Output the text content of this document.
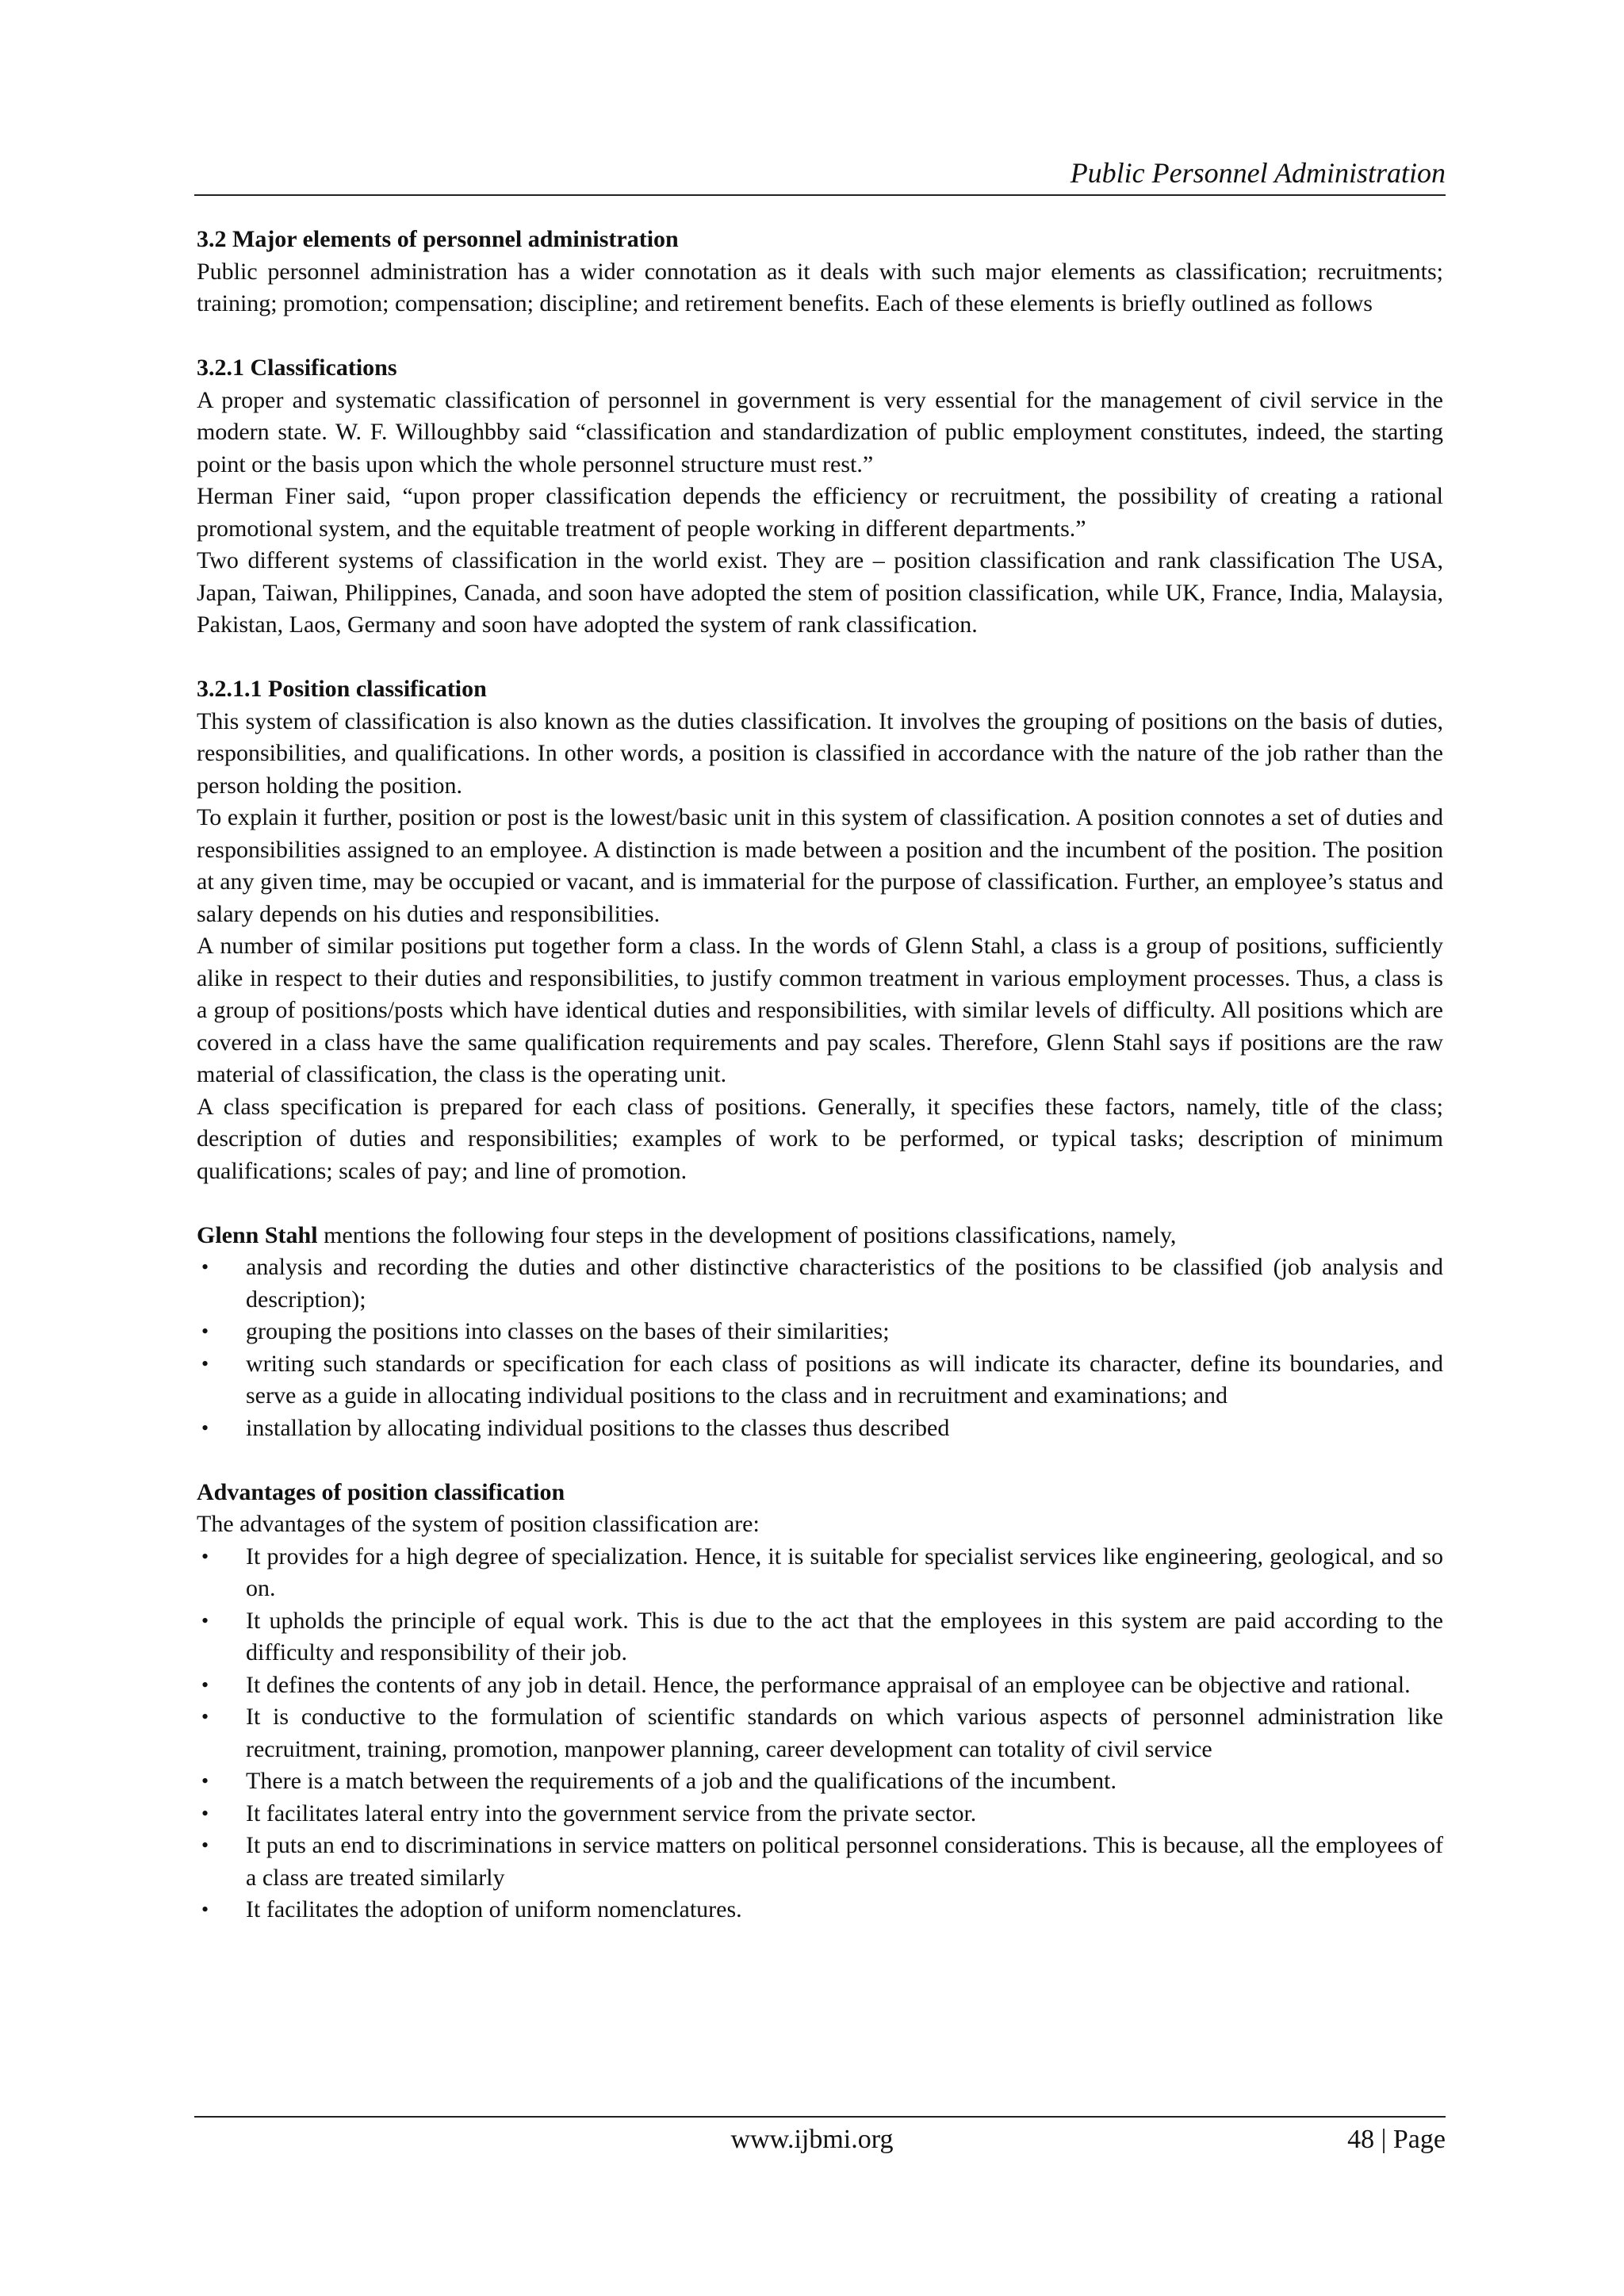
Public Personnel Administration
3.2 Major elements of personnel administration

Public personnel administration has a wider connotation as it deals with such major elements as classification; recruitments; training; promotion; compensation; discipline; and retirement benefits. Each of these elements is briefly outlined as follows

3.2.1 Classifications

A proper and systematic classification of personnel in government is very essential for the management of civil service in the modern state. W. F. Willoughbby said “classification and standardization of public employment constitutes, indeed, the starting point or the basis upon which the whole personnel structure must rest.”

Herman Finer said, “upon proper classification depends the efficiency or recruitment, the possibility of creating a rational promotional system, and the equitable treatment of people working in different departments.”

Two different systems of classification in the world exist. They are – position classification and rank classification The USA, Japan, Taiwan, Philippines, Canada, and soon have adopted the stem of position classification, while UK, France, India, Malaysia, Pakistan, Laos, Germany and soon have adopted the system of rank classification.

3.2.1.1 Position classification

This system of classification is also known as the duties classification. It involves the grouping of positions on the basis of duties, responsibilities, and qualifications. In other words, a position is classified in accordance with the nature of the job rather than the person holding the position.

To explain it further, position or post is the lowest/basic unit in this system of classification. A position connotes a set of duties and responsibilities assigned to an employee. A distinction is made between a position and the incumbent of the position. The position at any given time, may be occupied or vacant, and is immaterial for the purpose of classification. Further, an employee’s status and salary depends on his duties and responsibilities.

A number of similar positions put together form a class. In the words of Glenn Stahl, a class is a group of positions, sufficiently alike in respect to their duties and responsibilities, to justify common treatment in various employment processes. Thus, a class is a group of positions/posts which have identical duties and responsibilities, with similar levels of difficulty. All positions which are covered in a class have the same qualification requirements and pay scales. Therefore, Glenn Stahl says if positions are the raw material of classification, the class is the operating unit.

A class specification is prepared for each class of positions. Generally, it specifies these factors, namely, title of the class; description of duties and responsibilities; examples of work to be performed, or typical tasks; description of minimum qualifications; scales of pay; and line of promotion.

Glenn Stahl mentions the following four steps in the development of positions classifications, namely,

• analysis and recording the duties and other distinctive characteristics of the positions to be classified (job analysis and description);
• grouping the positions into classes on the bases of their similarities;
• writing such standards or specification for each class of positions as will indicate its character, define its boundaries, and serve as a guide in allocating individual positions to the class and in recruitment and examinations; and
• installation by allocating individual positions to the classes thus described
Advantages of position classification

The advantages of the system of position classification are:

• It provides for a high degree of specialization. Hence, it is suitable for specialist services like engineering, geological, and so on.
• It upholds the principle of equal work. This is due to the act that the employees in this system are paid according to the difficulty and responsibility of their job.
• It defines the contents of any job in detail. Hence, the performance appraisal of an employee can be objective and rational.
• It is conductive to the formulation of scientific standards on which various aspects of personnel administration like recruitment, training, promotion, manpower planning, career development can totality of civil service
• There is a match between the requirements of a job and the qualifications of the incumbent.
• It facilitates lateral entry into the government service from the private sector.
• It puts an end to discriminations in service matters on political personnel considerations. This is because, all the employees of a class are treated similarly
• It facilitates the adoption of uniform nomenclatures.
www.ijbmi.org	48 | Page
